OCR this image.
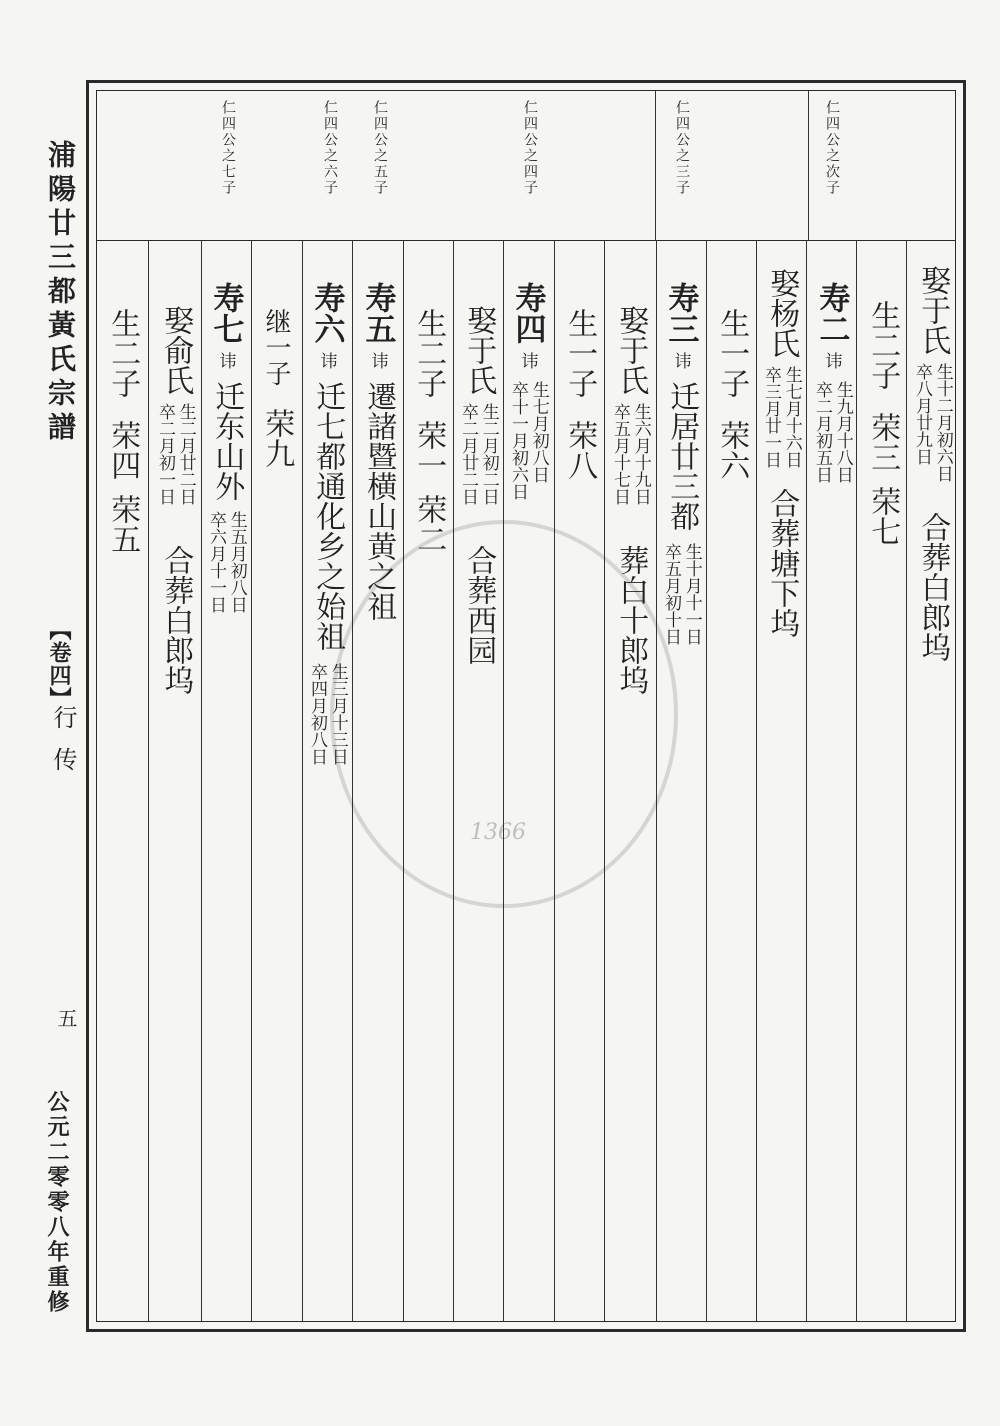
浦陽廿三都黃氏宗譜
【卷四】
行传
五
公元二零零八年重修
1366
仁四公之次子
仁四公之三子
仁四公之四子
仁四公之五子
仁四公之六子
仁四公之七子
娶于氏
生十二月初六日
卒八月廿九日
合葬白郎坞
生二子
荣三
荣七
寿二
讳
生九月十八日
卒二月初五日
娶杨氏
生七月十六日
卒三月廿一日
合葬塘下坞
生一子
荣六
寿三
讳
迁居廿三都
生十月十一日
卒五月初十日
娶于氏
生六月十九日
卒五月十七日
葬白十郎坞
生一子
荣八
寿四
讳
生七月初八日
卒十一月初六日
娶于氏
生二月初二日
卒二月廿二日
合葬西园
生二子
荣一
荣二
寿五
讳
遷諸暨横山黄之祖
寿六
讳
迁七都通化乡之始祖
生三月十三日
卒四月初八日
继一子
荣九
寿七
讳
迁东山外
生五月初八日
卒六月十一日
娶俞氏
生二月廿二日
卒二月初一日
合葬白郎坞
生二子
荣四
荣五
